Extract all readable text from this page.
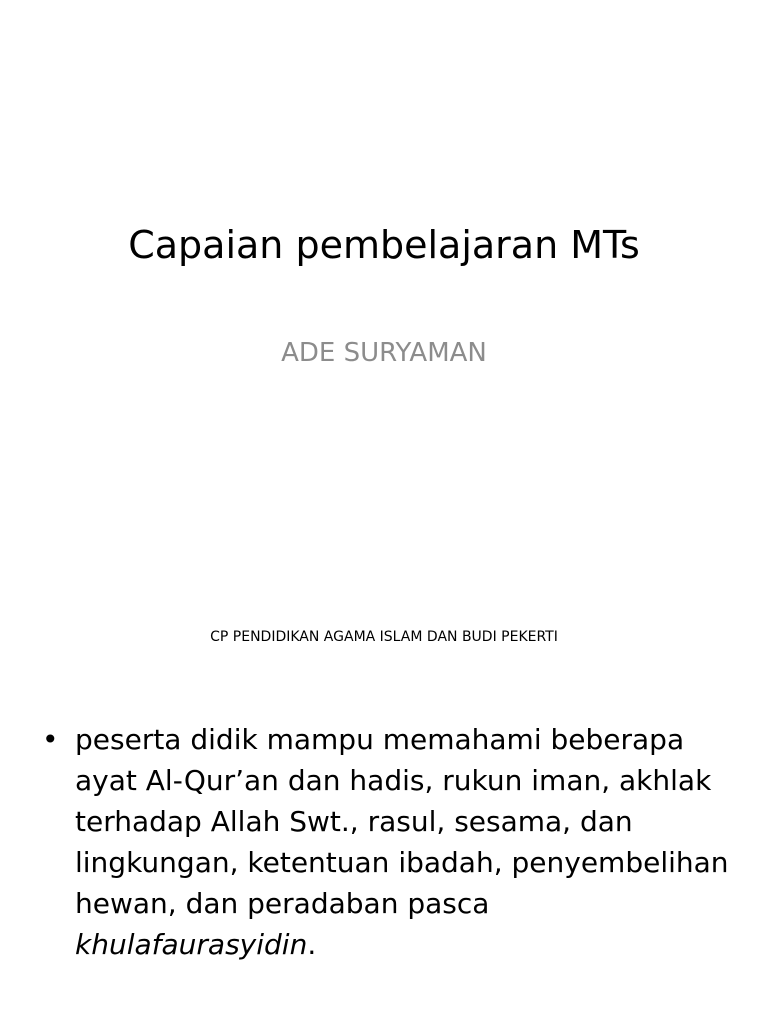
Capaian pembelajaran MTs
ADE SURYAMAN
CP PENDIDIKAN AGAMA ISLAM DAN BUDI PEKERTI
• peserta didik mampu memahami beberapa
ayat Al-Qur’an dan hadis, rukun iman, akhlak
terhadap Allah Swt., rasul, sesama, dan
lingkungan, ketentuan ibadah, penyembelihan
hewan, dan peradaban pasca
khulafaurasyidin.
